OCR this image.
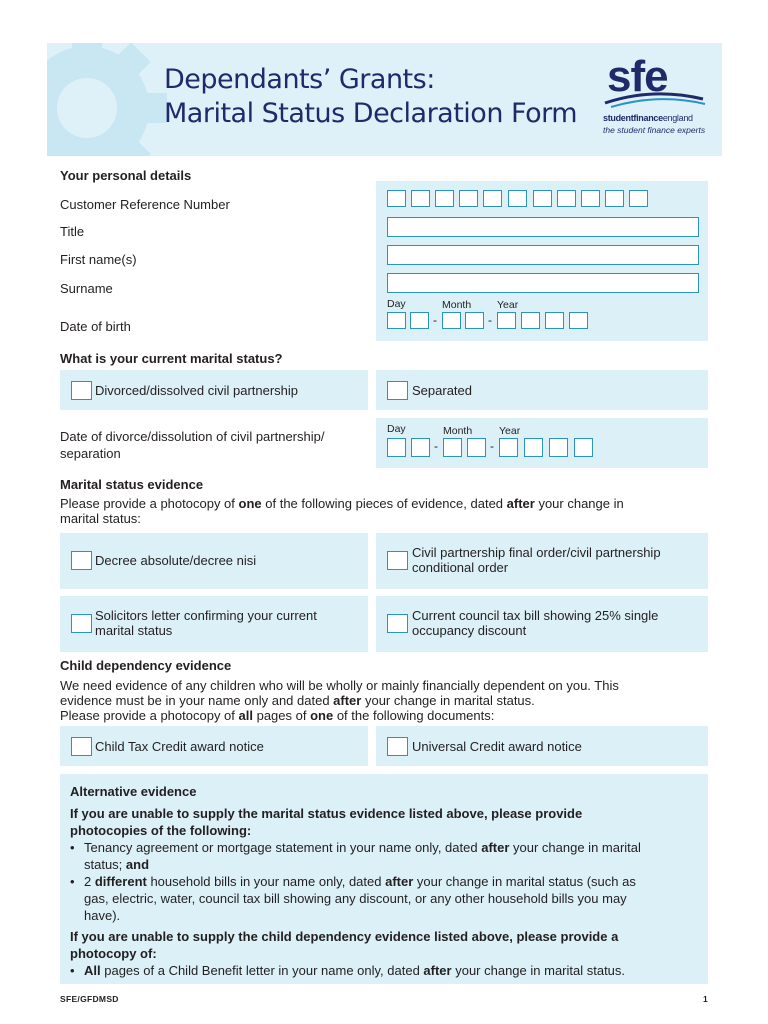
Dependants’ Grants:
Marital Status Declaration Form
sfe
studentfinanceengland
the student finance experts
Your personal details
Customer Reference Number
Title
First name(s)
Surname
Date of birth
Day	Month Year
-	-
What is your current marital status?
Divorced/dissolved civil partnership	Separated
Date of divorce/dissolution of civil partnership/
separation
Day	Month	Year
-	-
Marital status evidence
Please provide a photocopy of one of the following pieces of evidence, dated after your change in
marital status:
Decree absolute/decree nisi
Civil partnership final order/civil partnership
conditional order
Solicitors letter confirming your current
marital status
Current council tax bill showing 25% single
occupancy discount
Child dependency evidence
We need evidence of any children who will be wholly or mainly financially dependent on you. This
evidence must be in your name only and dated after your change in marital status.
Please provide a photocopy of all pages of one of the following documents:
Child Tax Credit award notice	Universal Credit award notice

Alternative evidence

If you are unable to supply the marital status evidence listed above, please provide
photocopies of the following:

• Tenancy agreement or mortgage statement in your name only, dated after your change in marital
status; and

• 2 different household bills in your name only, dated after your change in marital status (such as
gas, electric, water, council tax bill showing any discount, or any other household bills you may
have).

If you are unable to supply the child dependency evidence listed above, please provide a
photocopy of:

• All pages of a Child Benefit letter in your name only, dated after your change in marital status.

SFE/GFDMSD	1
